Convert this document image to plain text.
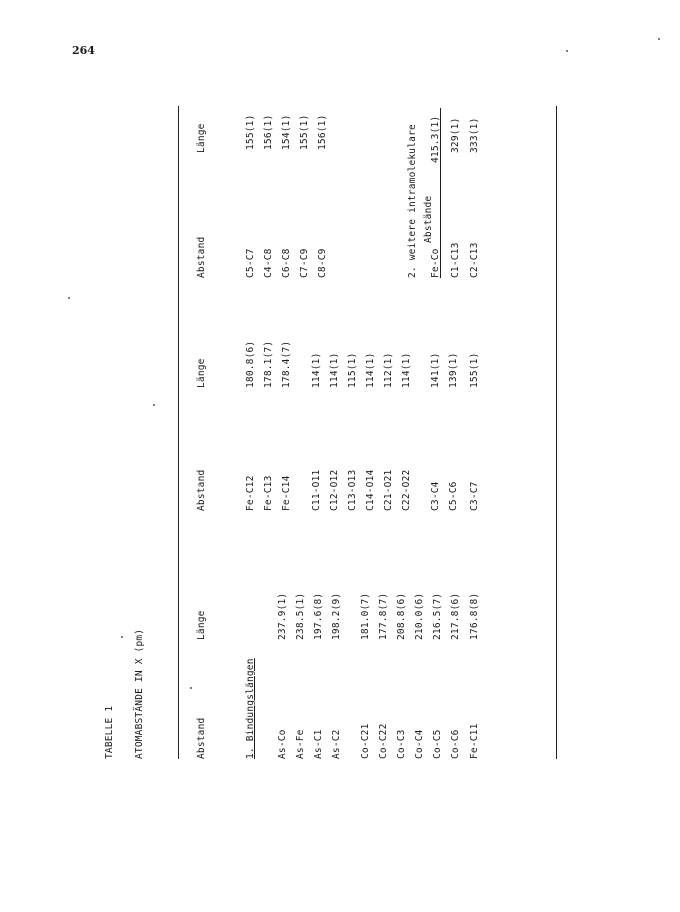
264
TABELLE 1 ATOMABSTÄNDE IN X (pm)	Abstand
Länge
Abstand
Länge
Abstand
Länge
1. Bindungslängen As-Co
237.9(1)
As-Fe
238.5(1)
As-C1
197.6(8)
As-C2
198.2(9)
Co-C21
181.0(7)
Co-C22
177.8(7)
Co-C3
208.8(6)
Co-C4
210.0(6)
Co-C5
216.5(7)
Co-C6
217.8(6)
Fe-C11
176.8(8)
Fe-C12
180.8(6)
Fe-C13
178.1(7)
Fe-C14
178.4(7)
C11-O11
114(1)
C12-O12
114(1)
C13-O13
115(1)
C14-O14
114(1)
C21-O21
112(1)
C22-O22
114(1)
C3-C4
141(1)
C5-C6
139(1)
C3-C7
155(1)
C5-C7
155(1)
C4-C8
156(1)
C6-C8
154(1)
C7-C9
155(1)
C8-C9
156(1)
Fe-Co
415.3(1)
C1-C13
329(1)
C2-C13
333(1)
2. weitere intramolekulare Abstände
